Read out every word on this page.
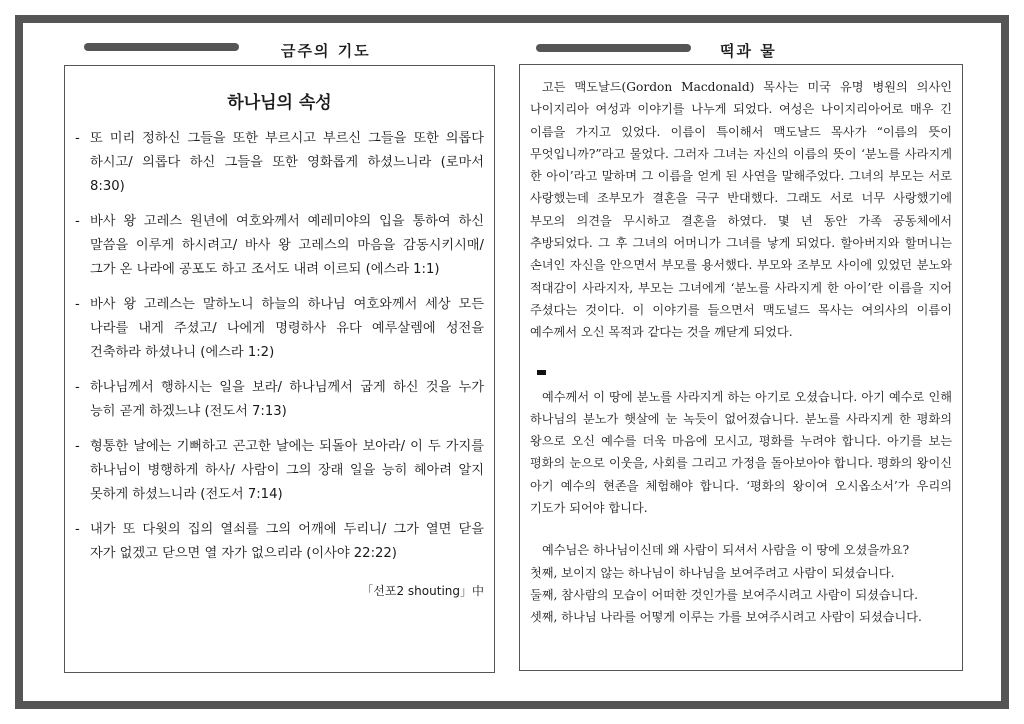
금주의 기도	떡과 물
하나님의 속성
- 또 미리 정하신 그들을 또한 부르시고 부르신 그들을 또한 의롭다 하시고/ 의롭다 하신 그들을 또한 영화롭게 하셨느니라 (로마서 8:30)
- 바사 왕 고레스 원년에 여호와께서 예레미야의 입을 통하여 하신 말씀을 이루게 하시려고/ 바사 왕 고레스의 마음을 감동시키시매/ 그가 온 나라에 공포도 하고 조서도 내려 이르되 (에스라 1:1)
- 바사 왕 고레스는 말하노니 하늘의 하나님 여호와께서 세상 모든 나라를 내게 주셨고/ 나에게 명령하사 유다 예루살렘에 성전을 건축하라 하셨나니 (에스라 1:2)
- 하나님께서 행하시는 일을 보라/ 하나님께서 굽게 하신 것을 누가 능히 곧게 하겠느냐 (전도서 7:13)
- 형통한 날에는 기뻐하고 곤고한 날에는 되돌아 보아라/ 이 두 가지를 하나님이 병행하게 하사/ 사람이 그의 장래 일을 능히 헤아려 알지 못하게 하셨느니라 (전도서 7:14)
- 내가 또 다윗의 집의 열쇠를 그의 어깨에 두리니/ 그가 열면 닫을 자가 없겠고 닫으면 열 자가 없으리라 (이사야 22:22)
「선포2 shouting」中

고든 맥도날드(Gordon Macdonald) 목사는 미국 유명 병원의 의사인 나이지리아 여성과 이야기를 나누게 되었다. 여성은 나이지리아어로 매우 긴 이름을 가지고 있었다. 이름이 특이해서 맥도날드 목사가 “이름의 뜻이 무엇입니까?”라고 물었다. 그러자 그녀는 자신의 이름의 뜻이 ‘분노를 사라지게 한 아이’라고 말하며 그 이름을 얻게 된 사연을 말해주었다. 그녀의 부모는 서로 사랑했는데 조부모가 결혼을 극구 반대했다. 그래도 서로 너무 사랑했기에 부모의 의견을 무시하고 결혼을 하였다. 몇 년 동안 가족 공동체에서 추방되었다. 그 후 그녀의 어머니가 그녀를 낳게 되었다. 할아버지와 할머니는 손녀인 자신을 안으면서 부모를 용서했다. 부모와 조부모 사이에 있었던 분노와 적대감이 사라지자, 부모는 그녀에게 ‘분노를 사라지게 한 아이’란 이름을 지어 주셨다는 것이다. 이 이야기를 들으면서 맥도널드 목사는 여의사의 이름이 예수께서 오신 목적과 같다는 것을 깨닫게 되었다.

예수께서 이 땅에 분노를 사라지게 하는 아기로 오셨습니다. 아기 예수로 인해 하나님의 분노가 햇살에 눈 녹듯이 없어졌습니다. 분노를 사라지게 한 평화의 왕으로 오신 예수를 더욱 마음에 모시고, 평화를 누려야 합니다. 아기를 보는 평화의 눈으로 이웃을, 사회를 그리고 가정을 돌아보아야 합니다. 평화의 왕이신 아기 예수의 현존을 체험해야 합니다. ‘평화의 왕이여 오시옵소서’가 우리의 기도가 되어야 합니다.

예수님은 하나님이신데 왜 사람이 되셔서 사람을 이 땅에 오셨을까요?

첫째, 보이지 않는 하나님이 하나님을 보여주려고 사람이 되셨습니다.

둘째, 참사람의 모습이 어떠한 것인가를 보여주시려고 사람이 되셨습니다.

셋째, 하나님 나라를 어떻게 이루는 가를 보여주시려고 사람이 되셨습니다.
